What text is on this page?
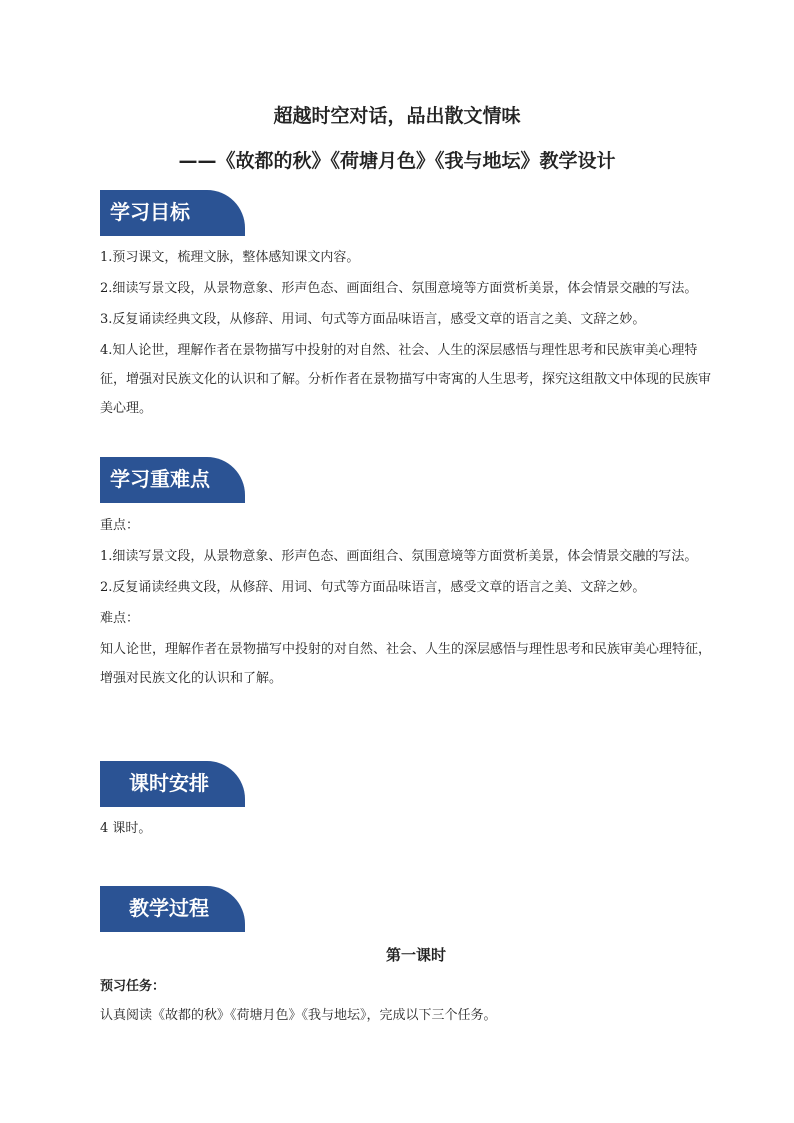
超越时空对话，品出散文情味
——《故都的秋》《荷塘月色》《我与地坛》教学设计
学习目标

1.预习课文，梳理文脉，整体感知课文内容。

2.细读写景文段，从景物意象、形声色态、画面组合、氛围意境等方面赏析美景，体会情景交融的写法。

3.反复诵读经典文段，从修辞、用词、句式等方面品味语言，感受文章的语言之美、文辞之妙。

4.知人论世，理解作者在景物描写中投射的对自然、社会、人生的深层感悟与理性思考和民族审美心理特征，增强对民族文化的认识和了解。分析作者在景物描写中寄寓的人生思考，探究这组散文中体现的民族审美心理。

学习重难点

重点：

1.细读写景文段，从景物意象、形声色态、画面组合、氛围意境等方面赏析美景，体会情景交融的写法。

2.反复诵读经典文段，从修辞、用词、句式等方面品味语言，感受文章的语言之美、文辞之妙。

难点：

知人论世，理解作者在景物描写中投射的对自然、社会、人生的深层感悟与理性思考和民族审美心理特征，增强对民族文化的认识和了解。

课时安排

4 课时。

教学过程
第一课时

预习任务：

认真阅读《故都的秋》《荷塘月色》《我与地坛》，完成以下三个任务。
